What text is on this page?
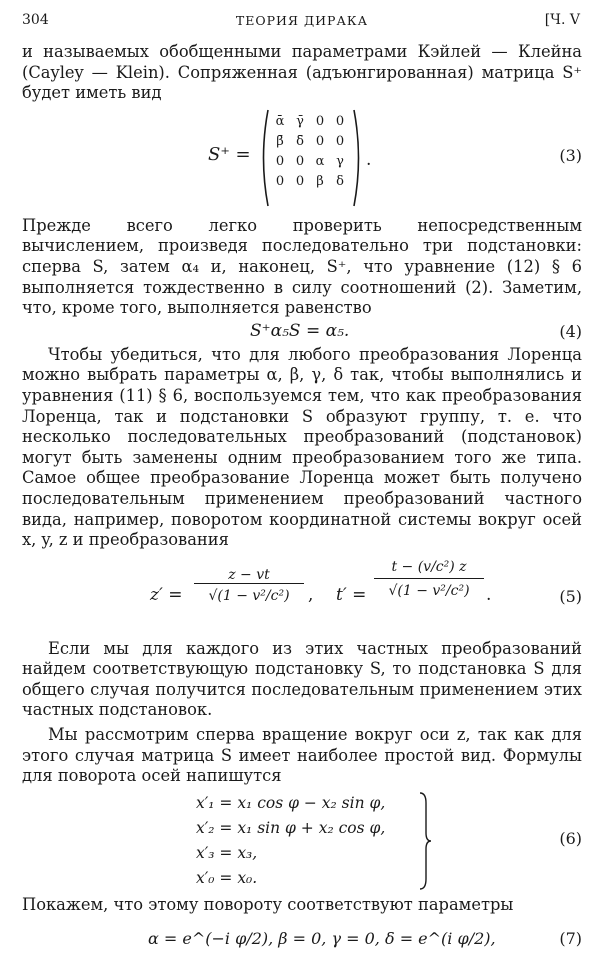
304	ТЕОРИЯ ДИРАКА	[Ч. V

и называемых обобщенными параметрами Кэйлей — Клейна (Cayley — Klein). Сопряженная (адъюнгированная) матрица S⁺ будет иметь вид

S⁺ =
ᾱ	γ̄	0	0
β̄	δ̄	0	0
0	0	α	γ
0	0	β	δ
.	(3)

Прежде всего легко проверить непосредственным вычислением, произведя последовательно три подстановки: сперва S, затем α₄ и, наконец, S⁺, что уравнение (12) § 6 выполняется тождественно в силу соотношений (2). Заметим, что, кроме того, выполняется равенство

S⁺α₅S = α₅.	(4)

Чтобы убедиться, что для любого преобразования Лоренца можно выбрать параметры α, β, γ, δ так, чтобы выполнялись и уравнения (11) § 6, воспользуемся тем, что как преобразования Лоренца, так и подстановки S образуют группу, т. е. что несколько последовательных преобразований (подстановок) могут быть заменены одним преобразованием того же типа. Самое общее преобразование Лоренца может быть получено последовательным применением преобразований частного вида, например, поворотом координатной системы вокруг осей x, y, z и преобразования

$z' = \frac{z - vt}{\text{√(1 − v²/c²)}}$ , $t' = \frac{\text{t − (v/c²) z}}{\text{√(1 − v²/c²)}}$ .	(5)

Если мы для каждого из этих частных преобразований найдем соответствующую подстановку S, то подстановка S для общего случая получится последовательным применением этих частных подстановок.

Мы рассмотрим сперва вращение вокруг оси z, так как для этого случая матрица S имеет наиболее простой вид. Формулы для поворота осей напишутся

x′₁ = x₁ cos φ − x₂ sin φ,
x′₂ = x₁ sin φ + x₂ cos φ,
x′₃ = x₃,
x′₀ = x₀.
(6)

Покажем, что этому повороту соответствуют параметры

α = e^(−i φ/2), β = 0, γ = 0, δ = e^(i φ/2),	(7)
